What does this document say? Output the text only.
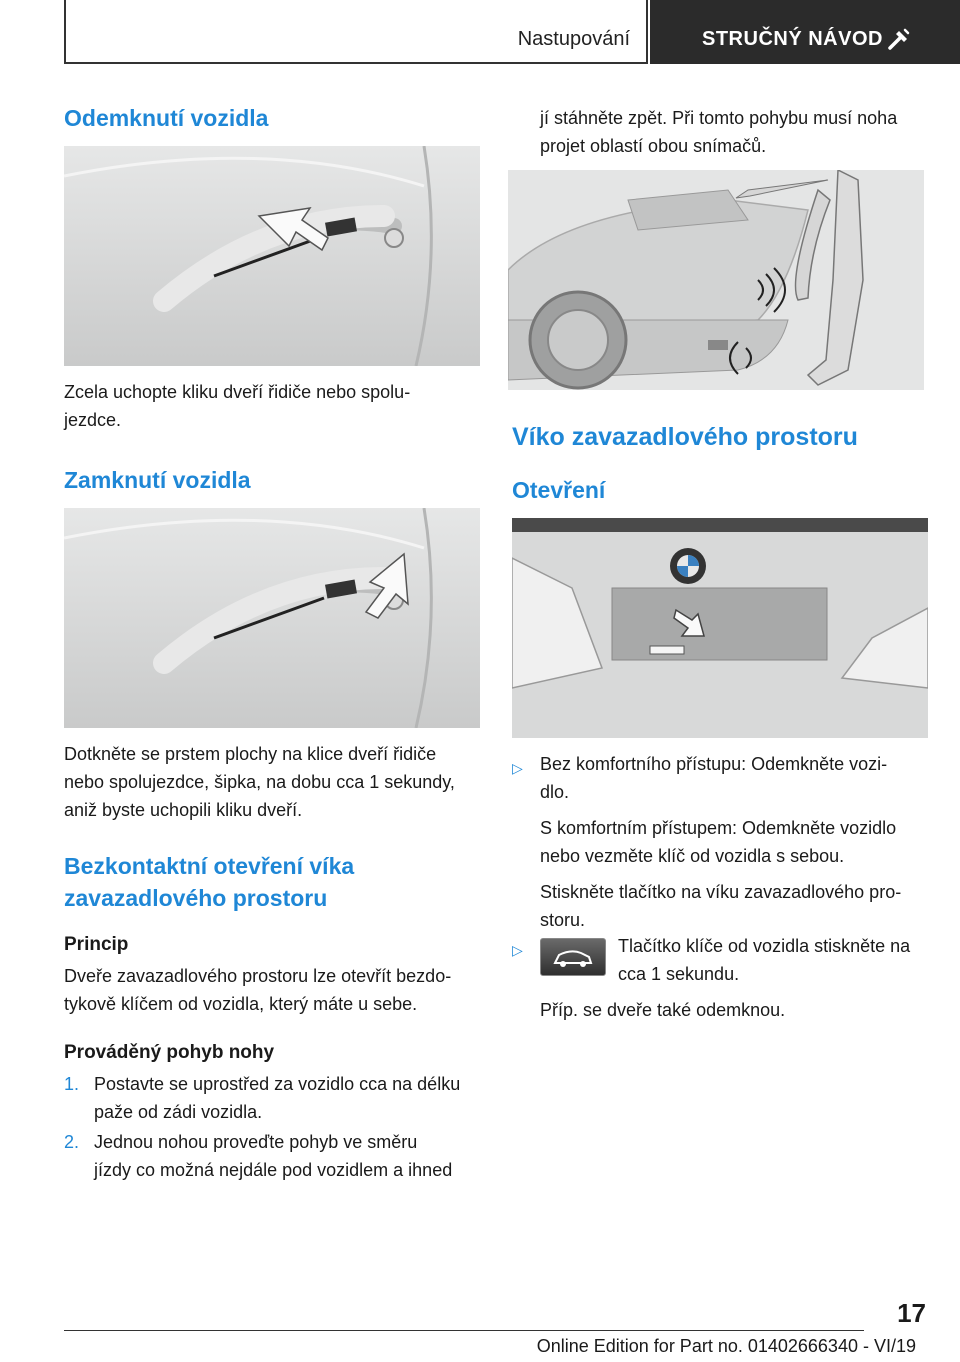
Nastupování	STRUČNÝ NÁVOD
Odemknutí vozidla
Zcela uchopte kliku dveří řidiče nebo spolu‐
jezdce.
Zamknutí vozidla
Dotkněte se prstem plochy na klice dveří řidiče
nebo spolujezdce, šipka, na dobu cca 1 sekundy,
aniž byste uchopili kliku dveří.
Bezkontaktní otevření víka
zavazadlového prostoru
Princip
Dveře zavazadlového prostoru lze otevřít bezdo‐
tykově klíčem od vozidla, který máte u sebe.
Prováděný pohyb nohy
1. Postavte se uprostřed za vozidlo cca na délku
paže od zádi vozidla.
2. Jednou nohou proveďte pohyb ve směru
jízdy co možná nejdále pod vozidlem a ihned
jí stáhněte zpět. Při tomto pohybu musí noha
projet oblastí obou snímačů.
Víko zavazadlového prostoru
Otevření
▷ Bez komfortního přístupu: Odemkněte vozi‐
dlo.
S komfortním přístupem: Odemkněte vozidlo
nebo vezměte klíč od vozidla s sebou.
Stiskněte tlačítko na víku zavazadlového pro‐
storu.
▷	Tlačítko klíče od vozidla stiskněte na
cca 1 sekundu.
Příp. se dveře také odemknou.
17
Online Edition for Part no. 01402666340 - VI/19
